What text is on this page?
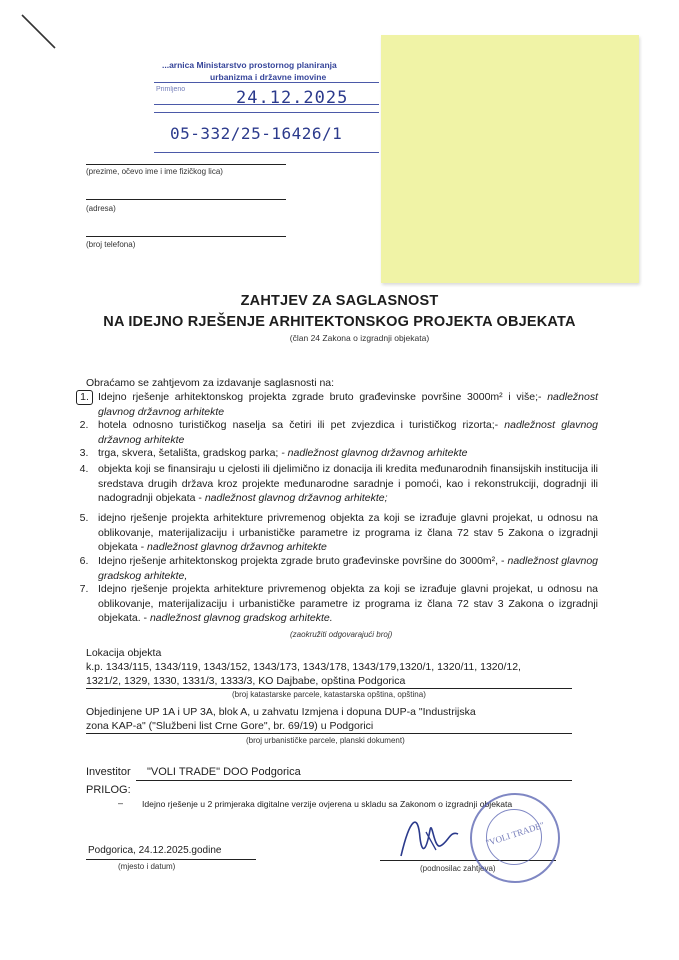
...arnica Ministarstvo prostornog planiranja
urbanizma i državne imovine
Primljeno	24.12.2025
05-332/25-16426/1
(prezime, očevo ime i ime fizičkog lica)
(adresa)
(broj telefona)
ZAHTJEV ZA SAGLASNOST
NA IDEJNO RJEŠENJE ARHITEKTONSKOG PROJEKTA OBJEKATA
(član 24 Zakona o izgradnji objekata)
Obraćamo se zahtjevom za izdavanje saglasnosti na:
1. Idejno rješenje arhitektonskog projekta zgrade bruto građevinske površine 3000m² i više;- nadležnost glavnog državnog arhitekte
2. hotela odnosno turističkog naselja sa četiri ili pet zvjezdica i turističkog rizorta;- nadležnost glavnog državnog arhitekte
3. trga, skvera, šetališta, gradskog parka; - nadležnost glavnog državnog arhitekte
4. objekta koji se finansiraju u cjelosti ili djelimično iz donacija ili kredita međunarodnih finansijskih institucija ili sredstava drugih država kroz projekte međunarodne saradnje i pomoći, kao i rekonstrukciji, dogradnji ili nadogradnji objekata - nadležnost glavnog državnog arhitekte;
5. idejno rješenje projekta arhitekture privremenog objekta za koji se izrađuje glavni projekat, u odnosu na oblikovanje, materijalizaciju i urbanističke parametre iz programa iz člana 72 stav 5 Zakona o izgradnji objekata - nadležnost glavnog državnog arhitekte
6. Idejno rješenje arhitektonskog projekta zgrade bruto građevinske površine do 3000m², - nadležnost glavnog gradskog arhitekte,
7. Idejno rješenje projekta arhitekture privremenog objekta za koji se izrađuje glavni projekat, u odnosu na oblikovanje, materijalizaciju i urbanističke parametre iz programa iz člana 72 stav 3 Zakona o izgradnji objekata. - nadležnost glavnog gradskog arhitekte.
(zaokružiti odgovarajući broj)
Lokacija objekta
k.p. 1343/115, 1343/119, 1343/152, 1343/173, 1343/178, 1343/179,1320/1, 1320/11, 1320/12,
1321/2, 1329, 1330, 1331/3, 1333/3, KO Dajbabe, opština Podgorica
(broj katastarske parcele, katastarska opština, opština)
Objedinjene UP 1A i UP 3A, blok A, u zahvatu Izmjena i dopuna DUP-a "Industrijska
zona KAP-a" ("Službeni list Crne Gore", br. 69/19) u Podgorici
(broj urbanističke parcele, planski dokument)
Investitor "VOLI TRADE" DOO Podgorica
PRILOG:
– Idejno rješenje u 2 primjeraka digitalne verzije ovjerena u skladu sa Zakonom o izgradnji objekata
Podgorica, 24.12.2025.godine
(mjesto i datum)	(podnosilac zahtjeva)
"VOLI TRADE"
